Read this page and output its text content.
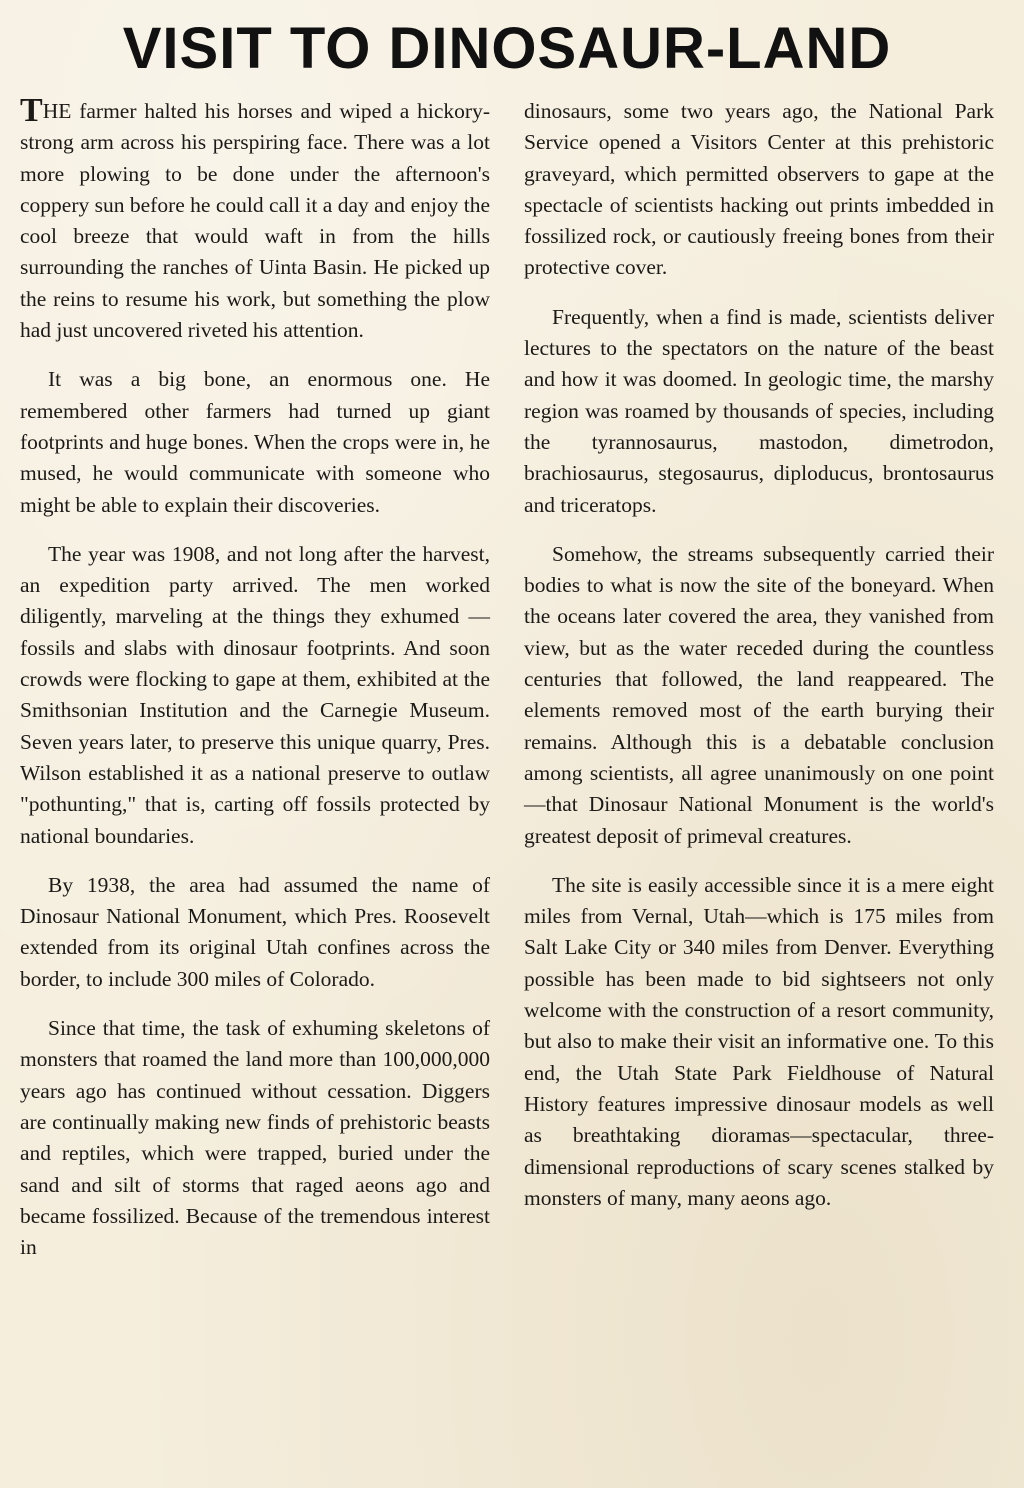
VISIT TO DINOSAUR-LAND

THE farmer halted his horses and wiped a hickory-strong arm across his perspiring face. There was a lot more plowing to be done under the afternoon's coppery sun before he could call it a day and enjoy the cool breeze that would waft in from the hills surrounding the ranches of Uinta Basin. He picked up the reins to resume his work, but something the plow had just uncovered riveted his attention.

It was a big bone, an enormous one. He remembered other farmers had turned up giant footprints and huge bones. When the crops were in, he mused, he would communicate with someone who might be able to explain their discoveries.

The year was 1908, and not long after the harvest, an expedition party arrived. The men worked diligently, marveling at the things they exhumed — fossils and slabs with dinosaur footprints. And soon crowds were flocking to gape at them, exhibited at the Smithsonian Institution and the Carnegie Museum. Seven years later, to preserve this unique quarry, Pres. Wilson established it as a national preserve to outlaw "pothunting," that is, carting off fossils protected by national boundaries.

By 1938, the area had assumed the name of Dinosaur National Monument, which Pres. Roosevelt extended from its original Utah confines across the border, to include 300 miles of Colorado.

Since that time, the task of exhuming skeletons of monsters that roamed the land more than 100,000,000 years ago has continued without cessation. Diggers are continually making new finds of prehistoric beasts and reptiles, which were trapped, buried under the sand and silt of storms that raged aeons ago and became fossilized. Because of the tremendous interest in

dinosaurs, some two years ago, the National Park Service opened a Visitors Center at this prehistoric graveyard, which permitted observers to gape at the spectacle of scientists hacking out prints imbedded in fossilized rock, or cautiously freeing bones from their protective cover.

Frequently, when a find is made, scientists deliver lectures to the spectators on the nature of the beast and how it was doomed. In geologic time, the marshy region was roamed by thousands of species, including the tyrannosaurus, mastodon, dimetrodon, brachiosaurus, stegosaurus, diploducus, brontosaurus and triceratops.

Somehow, the streams subsequently carried their bodies to what is now the site of the boneyard. When the oceans later covered the area, they vanished from view, but as the water receded during the countless centuries that followed, the land reappeared. The elements removed most of the earth burying their remains. Although this is a debatable conclusion among scientists, all agree unanimously on one point—that Dinosaur National Monument is the world's greatest deposit of primeval creatures.

The site is easily accessible since it is a mere eight miles from Vernal, Utah—which is 175 miles from Salt Lake City or 340 miles from Denver. Everything possible has been made to bid sightseers not only welcome with the construction of a resort community, but also to make their visit an informative one. To this end, the Utah State Park Fieldhouse of Natural History features impressive dinosaur models as well as breathtaking dioramas—spectacular, three-dimensional reproductions of scary scenes stalked by monsters of many, many aeons ago.
